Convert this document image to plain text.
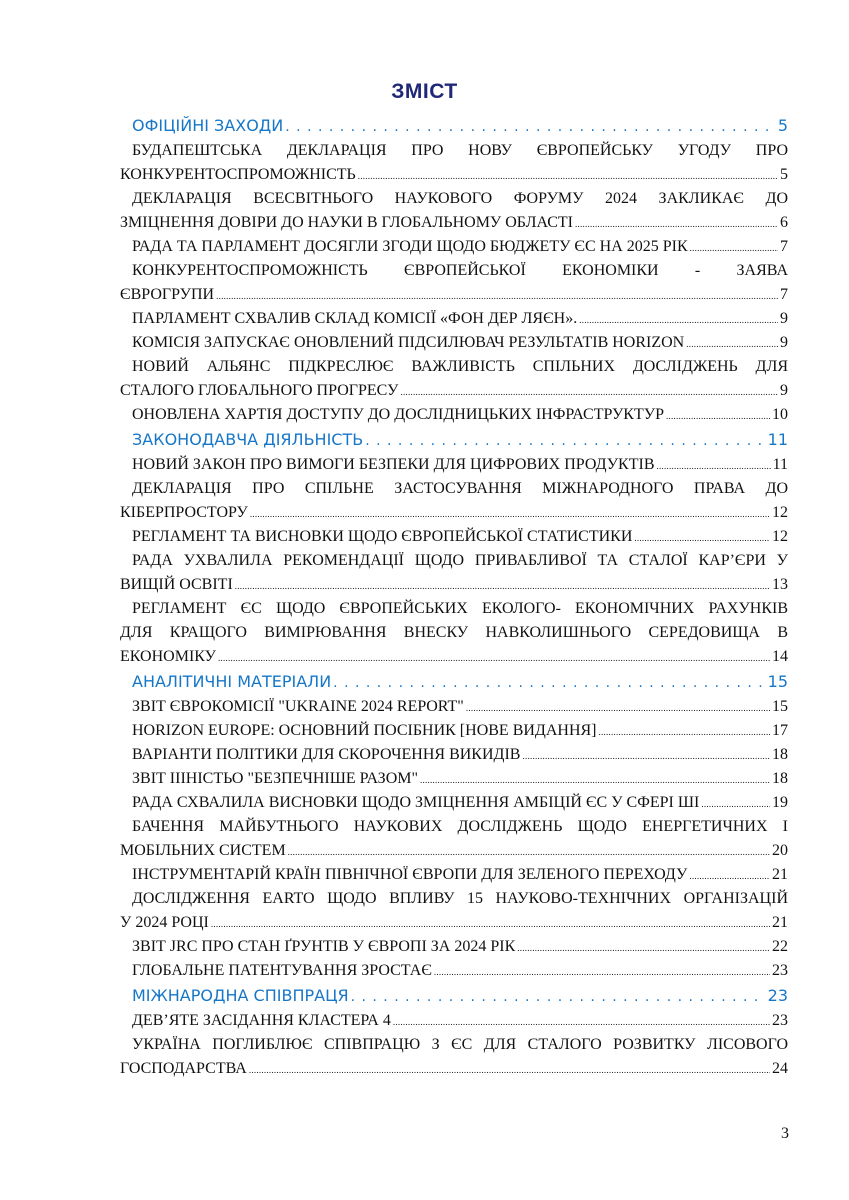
ЗМІСТ
ОФІЦІЙНІ ЗАХОДИ . . .	5
БУДАПЕШТСЬКА ДЕКЛАРАЦІЯ ПРО НОВУ ЄВРОПЕЙСЬКУ УГОДУ ПРО
КОНКУРЕНТОСПРОМОЖНІСТЬ . . .	5
ДЕКЛАРАЦІЯ ВСЕСВІТНЬОГО НАУКОВОГО ФОРУМУ 2024 ЗАКЛИКАЄ ДО
ЗМІЦНЕННЯ ДОВІРИ ДО НАУКИ В ГЛОБАЛЬНОМУ ОБЛАСТІ . . .	6
РАДА ТА ПАРЛАМЕНТ ДОСЯГЛИ ЗГОДИ ЩОДО БЮДЖЕТУ ЄС НА 2025 РІК . . .	7
КОНКУРЕНТОСПРОМОЖНІСТЬ ЄВРОПЕЙСЬКОЇ ЕКОНОМІКИ - ЗАЯВА
ЄВРОГРУПИ . . .	7
ПАРЛАМЕНТ СХВАЛИВ СКЛАД КОМІСІЇ «ФОН ДЕР ЛЯЄН». . . .	9
КОМІСІЯ ЗАПУСКАЄ ОНОВЛЕНИЙ ПІДСИЛЮВАЧ РЕЗУЛЬТАТІВ HORIZON . . .	9
НОВИЙ АЛЬЯНС ПІДКРЕСЛЮЄ ВАЖЛИВІСТЬ СПІЛЬНИХ ДОСЛІДЖЕНЬ ДЛЯ
СТАЛОГО ГЛОБАЛЬНОГО ПРОГРЕСУ . . .	9
ОНОВЛЕНА ХАРТІЯ ДОСТУПУ ДО ДОСЛІДНИЦЬКИХ ІНФРАСТРУКТУР . . .	10
ЗАКОНОДАВЧА ДІЯЛЬНІСТЬ . . .	11
НОВИЙ ЗАКОН ПРО ВИМОГИ БЕЗПЕКИ ДЛЯ ЦИФРОВИХ ПРОДУКТІВ . . .	11
ДЕКЛАРАЦІЯ ПРО СПІЛЬНЕ ЗАСТОСУВАННЯ МІЖНАРОДНОГО ПРАВА ДО
КІБЕРПРОСТОРУ . . .	12
РЕГЛАМЕНТ ТА ВИСНОВКИ ЩОДО ЄВРОПЕЙСЬКОЇ СТАТИСТИКИ . . .	12
РАДА УХВАЛИЛА РЕКОМЕНДАЦІЇ ЩОДО ПРИВАБЛИВОЇ ТА СТАЛОЇ КАР’ЄРИ У
ВИЩІЙ ОСВІТІ . . .	13
РЕГЛАМЕНТ ЄС ЩОДО ЄВРОПЕЙСЬКИХ ЕКОЛОГО- ЕКОНОМІЧНИХ РАХУНКІВ
ДЛЯ КРАЩОГО ВИМІРЮВАННЯ ВНЕСКУ НАВКОЛИШНЬОГО СЕРЕДОВИЩА В
ЕКОНОМІКУ . . .	14
АНАЛІТИЧНІ МАТЕРІАЛИ . . .	15
ЗВІТ ЄВРОКОМІСІЇ "UKRAINE 2024 REPORT" . . .	15
HORIZON EUROPE: ОСНОВНИЙ ПОСІБНИК [НОВЕ ВИДАННЯ] . . .	17
ВАРІАНТИ ПОЛІТИКИ ДЛЯ СКОРОЧЕННЯ ВИКИДІВ . . .	18
ЗВІТ ІІІНІСТЬО "БЕЗПЕЧНІШЕ РАЗОМ" . . .	18
РАДА СХВАЛИЛА ВИСНОВКИ ЩОДО ЗМІЦНЕННЯ АМБІЦІЙ ЄС У СФЕРІ ШІ . . .	19
БАЧЕННЯ МАЙБУТНЬОГО НАУКОВИХ ДОСЛІДЖЕНЬ ЩОДО ЕНЕРГЕТИЧНИХ І
МОБІЛЬНИХ СИСТЕМ . . .	20
ІНСТРУМЕНТАРІЙ КРАЇН ПІВНІЧНОЇ ЄВРОПИ ДЛЯ ЗЕЛЕНОГО ПЕРЕХОДУ . . .	21
ДОСЛІДЖЕННЯ EARTO ЩОДО ВПЛИВУ 15 НАУКОВО-ТЕХНІЧНИХ ОРГАНІЗАЦІЙ
У 2024 РОЦІ . . .	21
ЗВІТ JRC ПРО СТАН ҐРУНТІВ У ЄВРОПІ ЗА 2024 РІК . . .	22
ГЛОБАЛЬНЕ ПАТЕНТУВАННЯ ЗРОСТАЄ . . .	23
МІЖНАРОДНА СПІВПРАЦЯ . . .	23
ДЕВ’ЯТЕ ЗАСІДАННЯ КЛАСТЕРА 4 . . .	23
УКРАЇНА ПОГЛИБЛЮЄ СПІВПРАЦЮ З ЄС ДЛЯ СТАЛОГО РОЗВИТКУ ЛІСОВОГО
ГОСПОДАРСТВА . . .	24
3
